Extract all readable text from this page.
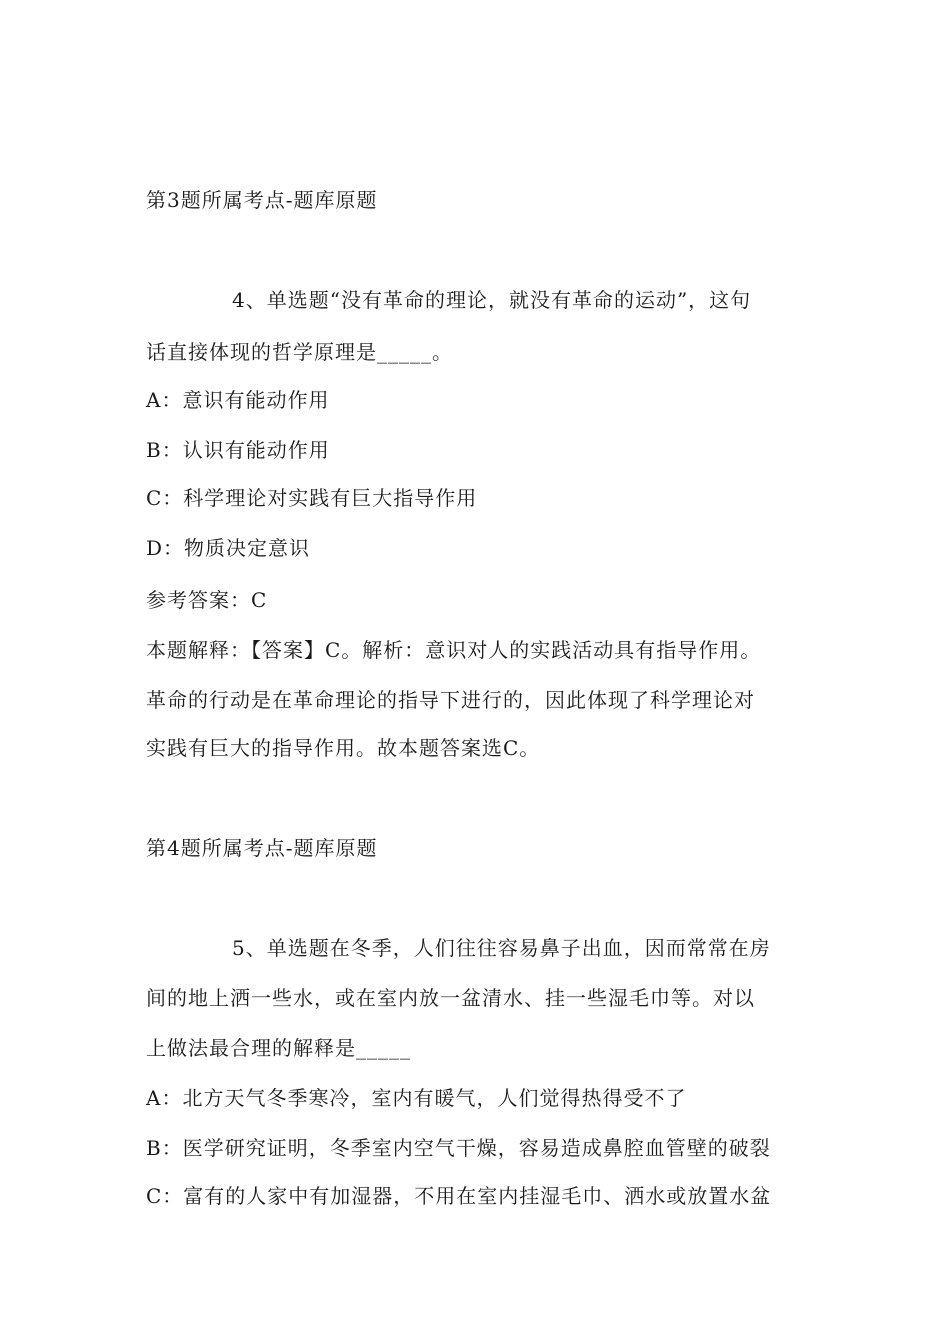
第3题所属考点-题库原题
4、单选题“没有革命的理论，就没有革命的运动”，这句
话直接体现的哲学原理是_____。
A：意识有能动作用
B：认识有能动作用
C：科学理论对实践有巨大指导作用
D：物质决定意识
参考答案：C
本题解释：【答案】C。解析：意识对人的实践活动具有指导作用。
革命的行动是在革命理论的指导下进行的，因此体现了科学理论对
实践有巨大的指导作用。故本题答案选C。
第4题所属考点-题库原题
5、单选题在冬季，人们往往容易鼻子出血，因而常常在房
间的地上洒一些水，或在室内放一盆清水、挂一些湿毛巾等。对以
上做法最合理的解释是_____
A：北方天气冬季寒冷，室内有暖气，人们觉得热得受不了
B：医学研究证明，冬季室内空气干燥，容易造成鼻腔血管壁的破裂
C：富有的人家中有加湿器，不用在室内挂湿毛巾、洒水或放置水盆
